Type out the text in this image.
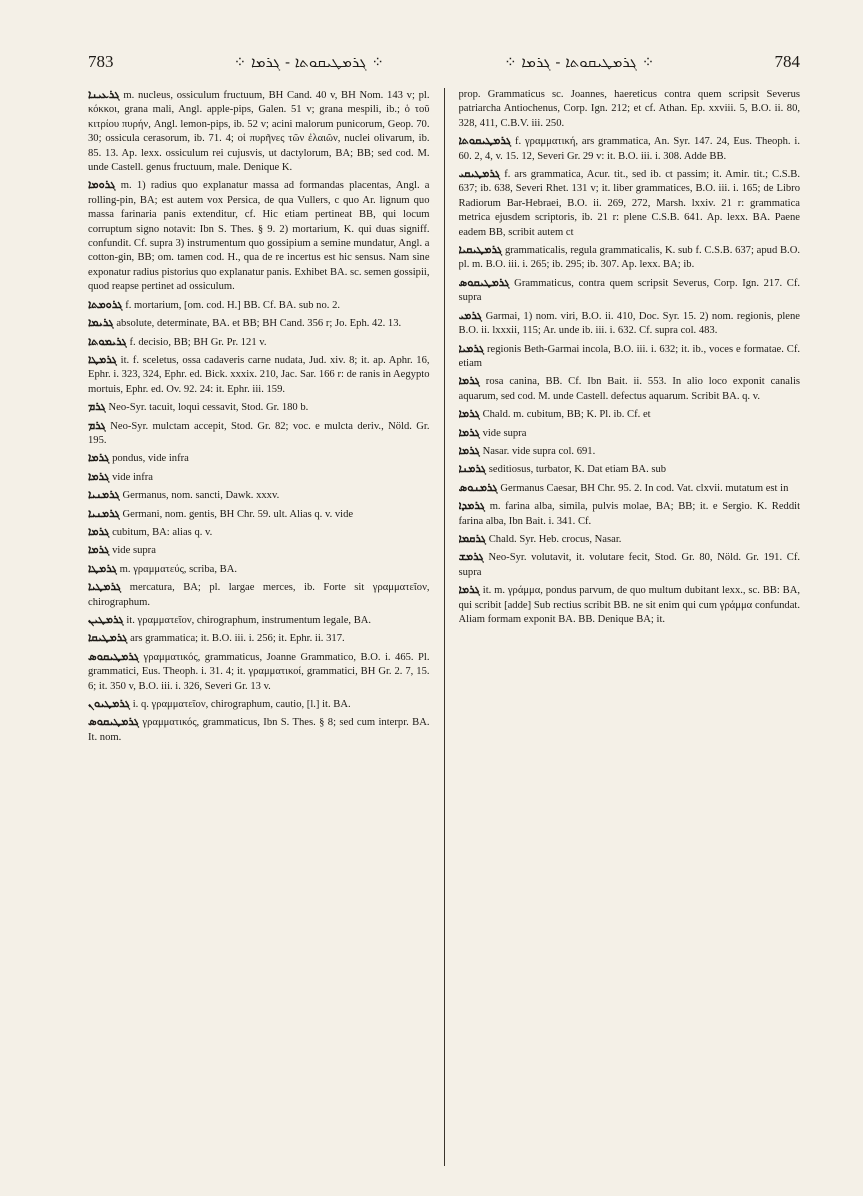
783	⁘ ܓܪܡܛܝܩܘܬܐ - ܓܪܡܐ ⁘	⁘ ܓܪܡܛܝܩܘܬܐ - ܓܪܡܐ ⁘	784

ܓܪܥܝܢܐ m. nucleus, ossiculum fructuum, BH Cand. 40 v, BH Nom. 143 v; pl. κόκκοι, grana mali, Angl. apple-pips, Galen. 51 v; grana mespili, ib.; ὁ τοῦ κιτρίου πυρήν, Angl. lemon-pips, ib. 52 v; acini malorum punicorum, Geop. 70. 30; ossicula cerasorum, ib. 71. 4; οἱ πυρῆνες τῶν ἐλαιῶν, nuclei olivarum, ib. 85. 13. Ap. lexx. ossiculum rei cujusvis, ut dactylorum, BA; BB; sed cod. M. unde Castell. genus fructuum, male. Denique K.

ܓܪܘܡܐ m. 1) radius quo explanatur massa ad formandas placentas, Angl. a rolling-pin, BA; est autem vox Persica, de qua Vullers, c quo Ar. lignum quo massa farinaria panis extenditur, cf. Hic etiam pertineat BB, qui locum corruptum signo notavit: Ibn S. Thes. § 9. 2) mortarium, K. qui duas signiff. confundit. Cf. supra 3) instrumentum quo gossipium a semine mundatur, Angl. a cotton-gin, BB; om. tamen cod. H., qua de re incertus est hic sensus. Nam sine exponatur radius pistorius quo explanatur panis. Exhibet BA. sc. semen gossipii, quod reapse pertinet ad ossiculum.

ܓܪܘܡܬܐ f. mortarium, [om. cod. H.] BB. Cf. BA. sub no. 2.

ܓܪܝܡܐ absolute, determinate, BA. et BB; BH Cand. 356 r; Jo. Eph. 42. 13.

ܓܪܝܡܘܬܐ f. decisio, BB; BH Gr. Pr. 121 v.

ܓܪܡܛܐ it. f. sceletus, ossa cadaveris carne nudata, Jud. xiv. 8; it. ap. Aphr. 16, Ephr. i. 323, 324, Ephr. ed. Bick. xxxix. 210, Jac. Sar. 166 r: de ranis in Aegypto mortuis, Ephr. ed. Ov. 92. 24: it. Ephr. iii. 159.

ܓܪܡ Neo-Syr. tacuit, loqui cessavit, Stod. Gr. 180 b.

ܓܪܡ Neo-Syr. mulctam accepit, Stod. Gr. 82; voc. e mulcta deriv., Nöld. Gr. 195.

ܓܪܡܐ pondus, vide infra

ܓܪܡܐ vide infra

ܓܪܡܢܝܐ Germanus, nom. sancti, Dawk. xxxv.

ܓܪܡܢܝܐ Germani, nom. gentis, BH Chr. 59. ult. Alias q. v. vide

ܓܪܡܐ cubitum, BA: alias q. v.

ܓܪܡܐ vide supra

ܓܪܡܛܐ m. γραμματεύς, scriba, BA.

ܓܪܡܛܝܐ mercatura, BA; pl. largae merces, ib. Forte sit γραμματεῖον, chirographum.

ܓܪܡܛܝܢ it. γραμματεῖον, chirographum, instrumentum legale, BA.

ܓܪܡܛܝܩܐ ars grammatica; it. B.O. iii. i. 256; it. Ephr. ii. 317.

ܓܪܡܛܝܩܘܣ γραμματικός, grammaticus, Joanne Grammatico, B.O. i. 465. Pl. grammatici, Eus. Theoph. i. 31. 4; it. γραμματικοί, grammatici, BH Gr. 2. 7, 15. 6; it. 350 v, B.O. iii. i. 326, Severi Gr. 13 v.

ܓܪܡܛܝܘܢ i. q. γραμματεῖον, chirographum, cautio, [l.] it. BA.

ܓܪܡܛܝܩܘܣ γραμματικός, grammaticus, Ibn S. Thes. § 8; sed cum interpr. BA. It. nom.

prop. Grammaticus sc. Joannes, haereticus contra quem scripsit Severus patriarcha Antiochenus, Corp. Ign. 212; et cf. Athan. Ep. xxviii. 5, B.O. ii. 80, 328, 411, C.B.V. iii. 250.

ܓܪܡܛܝܩܘܬܐ f. γραμματική, ars grammatica, An. Syr. 147. 24, Eus. Theoph. i. 60. 2, 4, v. 15. 12, Severi Gr. 29 v: it. B.O. iii. i. 308. Adde BB.

ܓܪܡܛܝܩܝ f. ars grammatica, Acur. tit., sed ib. ct passim; it. Amir. tit.; C.S.B. 637; ib. 638, Severi Rhet. 131 v; it. liber grammatices, B.O. iii. i. 165; de Libro Radiorum Bar-Hebraei, B.O. ii. 269, 272, Marsh. lxxiv. 21 r: grammatica metrica ejusdem scriptoris, ib. 21 r: plene C.S.B. 641. Ap. lexx. BA. Paene eadem BB, scribit autem ct

ܓܪܡܛܝܩܝܐ grammaticalis, regula grammaticalis, K. sub f. C.S.B. 637; apud B.O. pl. m. B.O. iii. i. 265; ib. 295; ib. 307. Ap. lexx. BA; ib.

ܓܪܡܛܝܩܘܣ Grammaticus, contra quem scripsit Severus, Corp. Ign. 217. Cf. supra

ܓܪܡܝ Garmai, 1) nom. viri, B.O. ii. 410, Doc. Syr. 15. 2) nom. regionis, plene B.O. ii. lxxxii, 115; Ar. unde ib. iii. i. 632. Cf. supra col. 483.

ܓܪܡܝܐ regionis Beth-Garmai incola, B.O. iii. i. 632; it. ib., voces e formatae. Cf. etiam

ܓܪܡܐ rosa canina, BB. Cf. Ibn Bait. ii. 553. In alio loco exponit canalis aquarum, sed cod. M. unde Castell. defectus aquarum. Scribit BA. q. v.

ܓܪܡܐ Chald. m. cubitum, BB; K. Pl. ib. Cf. et

ܓܪܡܐ vide supra

ܓܪܡܐ Nasar. vide supra col. 691.

ܓܪܡܢܐ seditiosus, turbator, K. Dat etiam BA. sub

ܓܪܡܢܘܣ Germanus Caesar, BH Chr. 95. 2. In cod. Vat. clxvii. mutatum est in

ܓܪܡܕܐ m. farina alba, simila, pulvis molae, BA; BB; it. e Sergio. K. Reddit farina alba, Ibn Bait. i. 341. Cf.

ܓܪܩܡܐ Chald. Syr. Heb. crocus, Nasar.

ܓܪܡܫ Neo-Syr. volutavit, it. volutare fecit, Stod. Gr. 80, Nöld. Gr. 191. Cf. supra

ܓܪܡܐ it. m. γράμμα, pondus parvum, de quo multum dubitant lexx., sc. BB: BA, qui scribit [adde] Sub rectius scribit BB. ne sit enim qui cum γράμμα confundat. Aliam formam exponit BA. BB. Denique BA; it.
